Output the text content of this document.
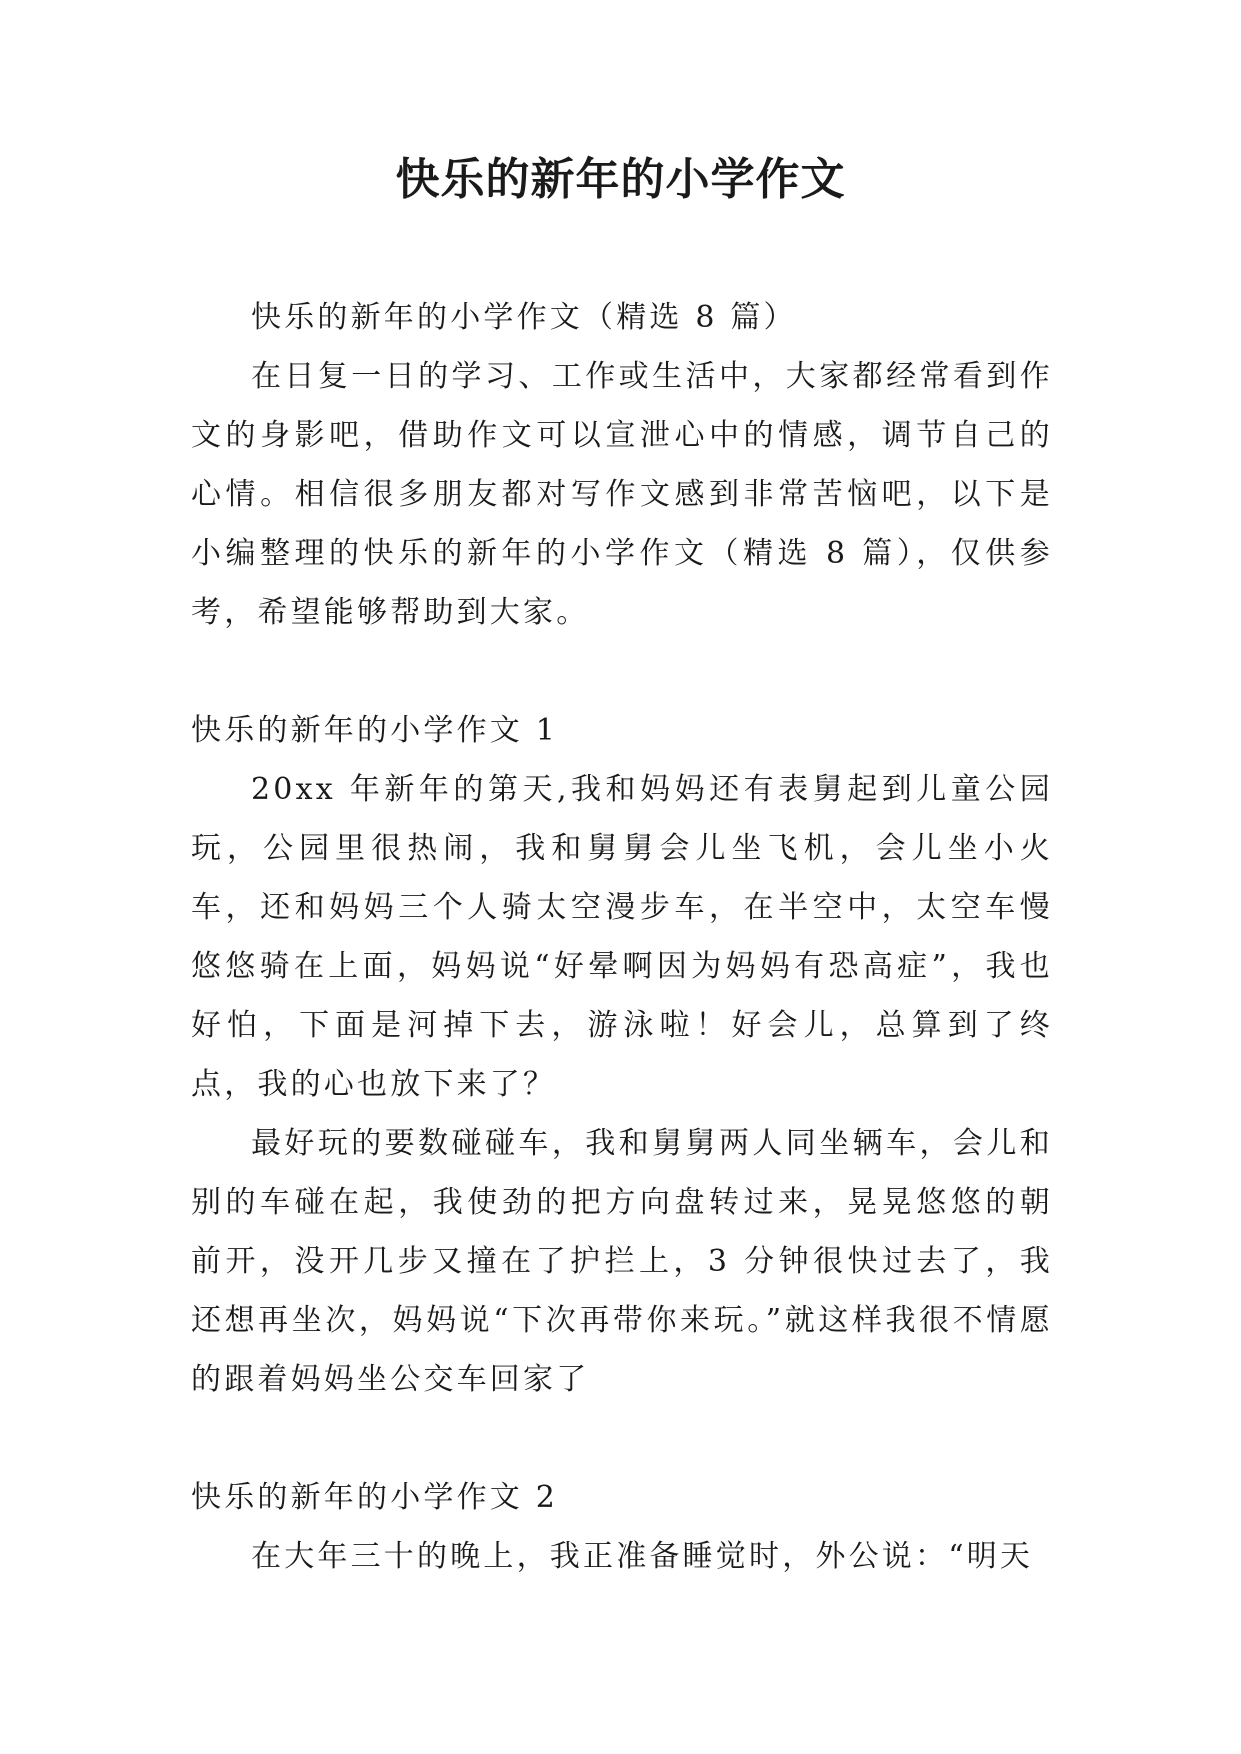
快乐的新年的小学作文

快乐的新年的小学作文（精选 8 篇）

在日复一日的学习、工作或生活中，大家都经常看到作文的身影吧，借助作文可以宣泄心中的情感，调节自己的心情。相信很多朋友都对写作文感到非常苦恼吧，以下是小编整理的快乐的新年的小学作文（精选 8 篇），仅供参考，希望能够帮助到大家。

快乐的新年的小学作文 1

20xx 年新年的第天,我和妈妈还有表舅起到儿童公园玩，公园里很热闹，我和舅舅会儿坐飞机，会儿坐小火车，还和妈妈三个人骑太空漫步车，在半空中，太空车慢悠悠骑在上面，妈妈说“好晕啊因为妈妈有恐高症”，我也好怕，下面是河掉下去，游泳啦！好会儿，总算到了终点，我的心也放下来了？

最好玩的要数碰碰车，我和舅舅两人同坐辆车，会儿和别的车碰在起，我使劲的把方向盘转过来，晃晃悠悠的朝前开，没开几步又撞在了护拦上，3 分钟很快过去了，我还想再坐次，妈妈说“下次再带你来玩。”就这样我很不情愿的跟着妈妈坐公交车回家了

快乐的新年的小学作文 2

在大年三十的晚上，我正准备睡觉时，外公说：“明天
